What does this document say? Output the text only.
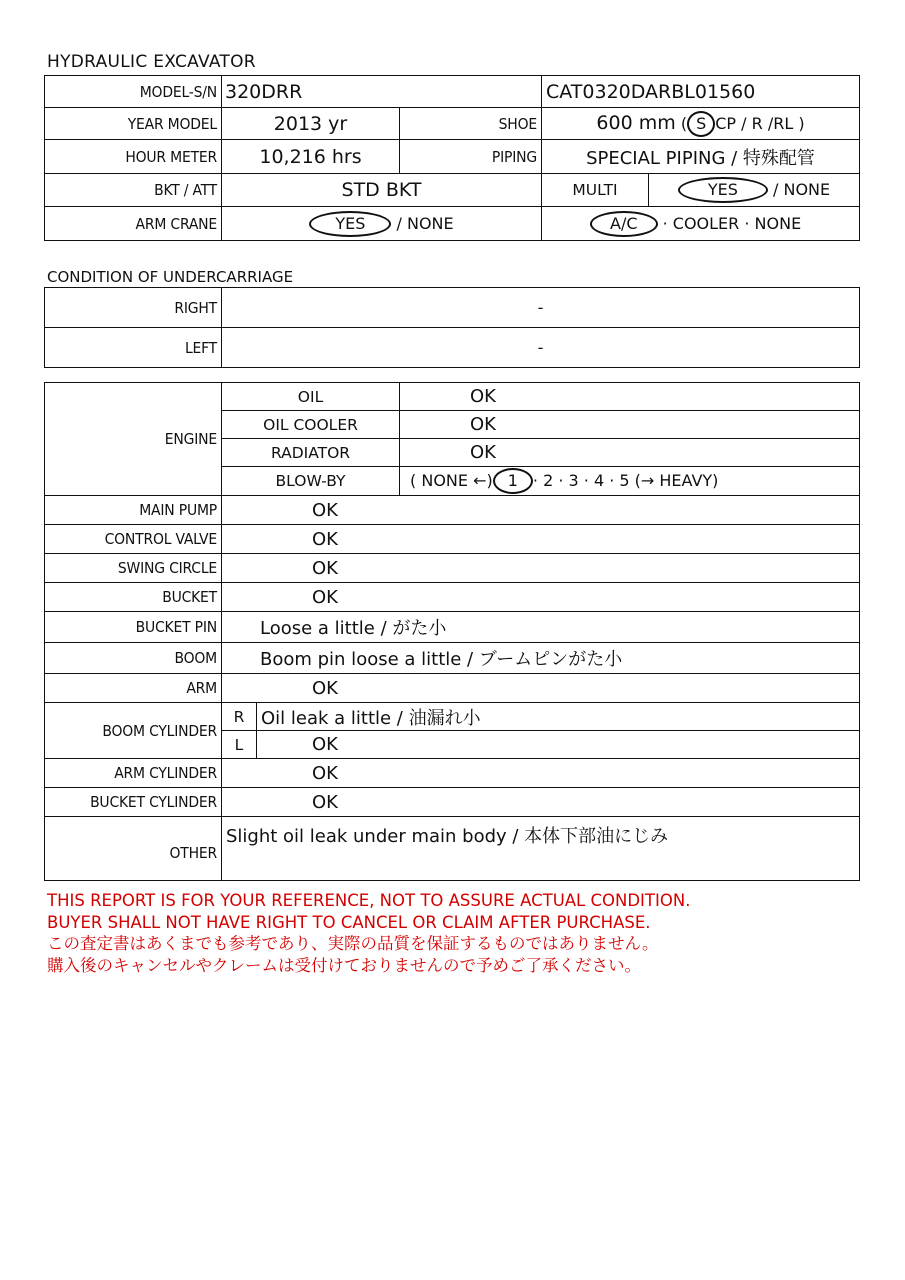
HYDRAULIC EXCAVATOR
MODEL-S/N	320DRR		CAT0320DARBL01560	
YEAR MODEL	2013 yr	SHOE	600 mm ( S CP / R /RL )	
HOUR METER	10,216 hrs	PIPING	SPECIAL PIPING / 特殊配管	
BKT / ATT	STD BKT		MULTI	YES / NONE
ARM CRANE	YES / NONE		A/C · COOLER · NONE	
CONDITION OF UNDERCARRIAGE
RIGHT	-
LEFT	-
ENGINE	OIL		OK
	OIL COOLER		OK
	RADIATOR		OK
	BLOW-BY		( NONE ←) 1 · 2 · 3 · 4 · 5 (→ HEAVY)
MAIN PUMP	OK		
CONTROL VALVE	OK		
SWING CIRCLE	OK		
BUCKET	OK		
BUCKET PIN	Loose a little / がた小		
BOOM	Boom pin loose a little / ブームピンがた小		
ARM	OK		
BOOM CYLINDER	R	Oil leak a little / 油漏れ小	
	L	OK	
ARM CYLINDER	OK		
BUCKET CYLINDER	OK		
OTHER	Slight oil leak under main body / 本体下部油にじみ		
THIS REPORT IS FOR YOUR REFERENCE, NOT TO ASSURE ACTUAL CONDITION.
BUYER SHALL NOT HAVE RIGHT TO CANCEL OR CLAIM AFTER PURCHASE.
この査定書はあくまでも参考であり、実際の品質を保証するものではありません。
購入後のキャンセルやクレームは受付けておりませんので予めご了承ください。
